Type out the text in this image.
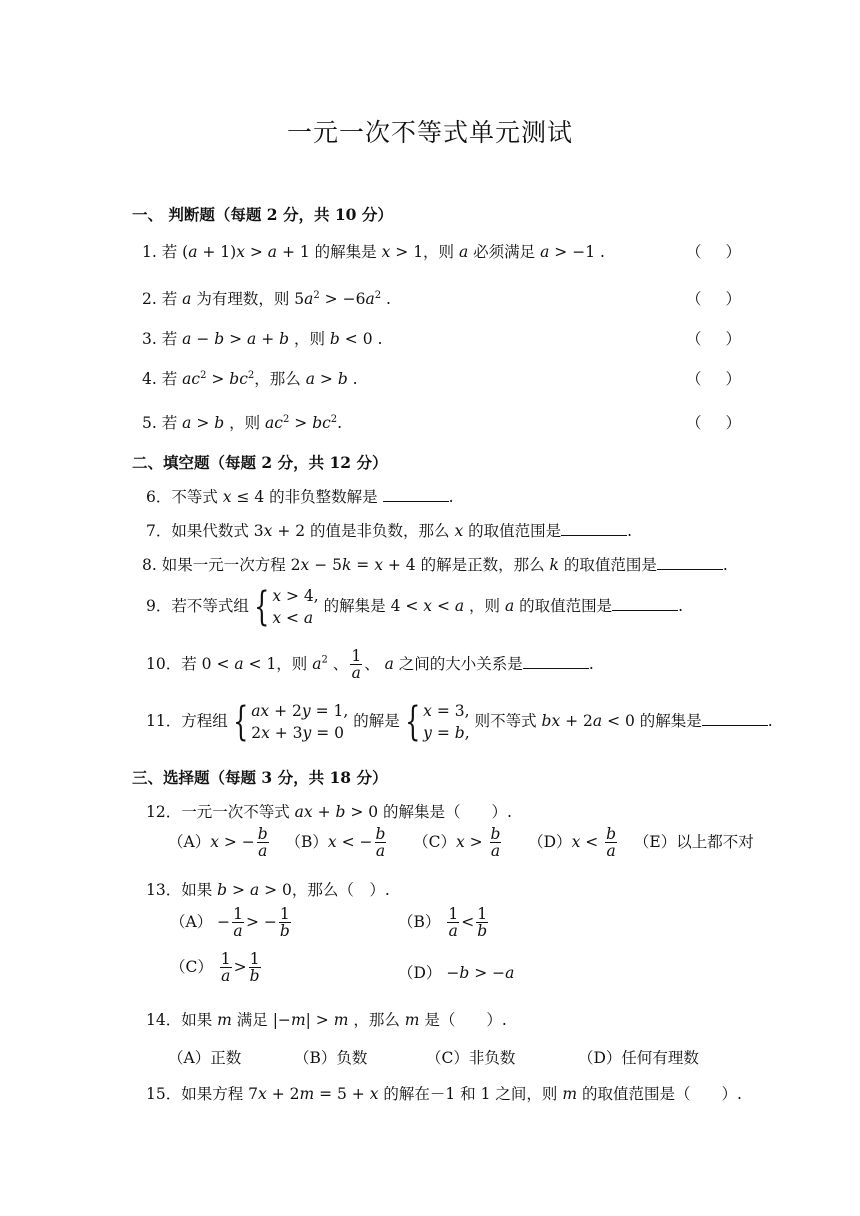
一元一次不等式单元测试
一、 判断题（每题 2 分，共 10 分）
1. 若 (a + 1)x > a + 1 的解集是 x > 1，则 a 必须满足 a > −1 .	（ ）
2. 若 a 为有理数，则 $5a^2 > -6a^2$ .	（ ）
3. 若 a − b > a + b ，则 b < 0 .	（ ）
4. 若 $ac^2 > bc^2$，那么 a > b .	（ ）
5. 若 a > b ，则 $ac^2 > bc^2$.	（ ）
二、填空题（每题 2 分，共 12 分）
6．不等式 x ≤ 4 的非负整数解是	.
7．如果代数式 3x + 2 的值是非负数，那么 x 的取值范围是	.
8. 如果一元一次方程 2x − 5k = x + 4 的解是正数，那么 k 的取值范围是	.
9．若不等式组 { x > 4,
x < a
的解集是 4 < x < a ，则 a 的取值范围是	.
10．若 0 < a < 1，则 $a^2$ 、 $\frac{1}{a}$ 、 a 之间的大小关系是	.
11．方程组 { ax + 2y = 1,
2x + 3y = 0
的解是 { x = 3,
y = b,
则不等式 bx + 2a < 0 的解集是	.
三、选择题（每题 3 分，共 18 分）
12．一元一次不等式 ax + b > 0 的解集是（　　）.
（A）x > − $\frac{b}{a} (B)x$ < − $\frac{b}{a} (C)x > \frac{b}{a} (D)x < \frac{b}{a} (E)$以上都不对
13．如果 b > a > 0，那么（　）.
$(A) - \frac{1}{a}$ > − $\frac{1}{b}$	$(B) \frac{1}{a} < \frac{1}{b}$
$(C) \frac{1}{a} > \frac{1}{b}$	（D） −b > −a
14．如果 m 满足 |−m| > m ，那么 m 是（　　）.
（A）正数	（B）负数	（C）非负数	（D）任何有理数
15．如果方程 7x + 2m = 5 + x 的解在－1 和 1 之间，则 m 的取值范围是（　　）.
